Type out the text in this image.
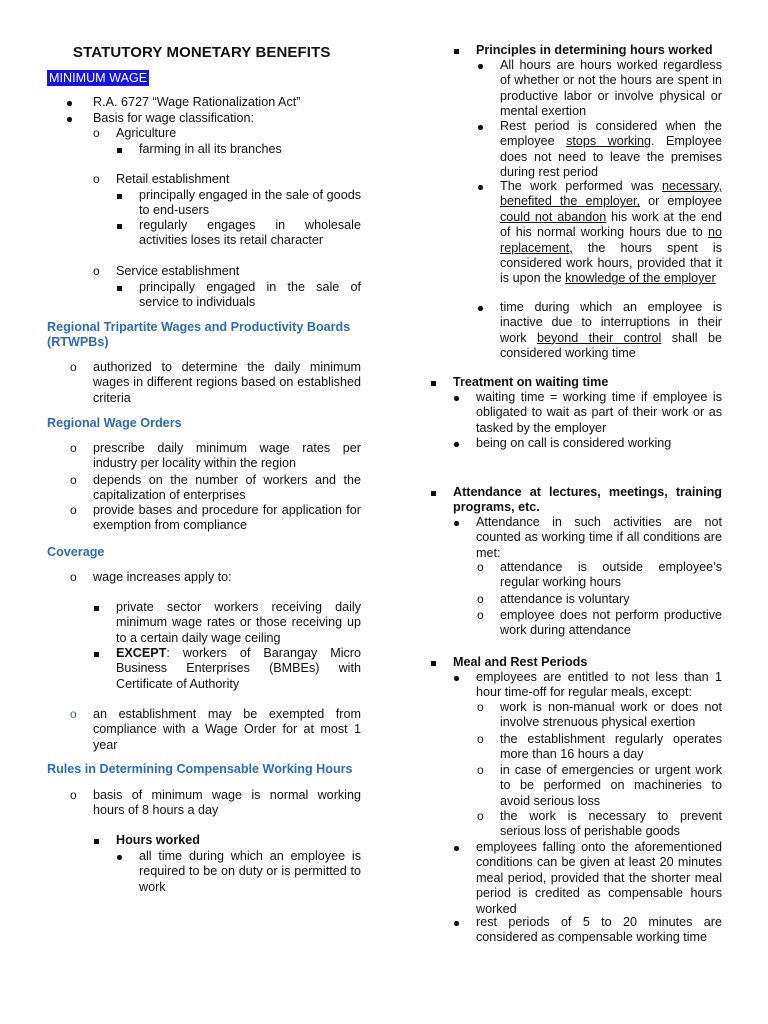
STATUTORY MONETARY BENEFITS
MINIMUM WAGE
R.A. 6727 “Wage Rationalization Act”
Basis for wage classification:
o Agriculture
farming in all its branches
o Retail establishment
principally engaged in the sale of goods to end-users
regularly engages in wholesale activities loses its retail character
o Service establishment
principally engaged in the sale of service to individuals
Regional Tripartite Wages and Productivity Boards (RTWPBs)
o authorized to determine the daily minimum wages in different regions based on established criteria
Regional Wage Orders
o prescribe daily minimum wage rates per industry per locality within the region
o depends on the number of workers and the capitalization of enterprises
o provide bases and procedure for application for exemption from compliance
Coverage
o wage increases apply to:
private sector workers receiving daily minimum wage rates or those receiving up to a certain daily wage ceiling
EXCEPT: workers of Barangay Micro Business Enterprises (BMBEs) with Certificate of Authority
o an establishment may be exempted from compliance with a Wage Order for at most 1 year
Rules in Determining Compensable Working Hours
o basis of minimum wage is normal working hours of 8 hours a day
Hours worked
all time during which an employee is required to be on duty or is permitted to work
Principles in determining hours worked
All hours are hours worked regardless of whether or not the hours are spent in productive labor or involve physical or mental exertion
Rest period is considered when the employee stops working. Employee does not need to leave the premises during rest period
The work performed was necessary, benefited the employer, or employee could not abandon his work at the end of his normal working hours due to no replacement, the hours spent is considered work hours, provided that it is upon the knowledge of the employer
time during which an employee is inactive due to interruptions in their work beyond their control shall be considered working time
Treatment on waiting time
waiting time = working time if employee is obligated to wait as part of their work or as tasked by the employer
being on call is considered working
Attendance at lectures, meetings, training programs, etc.
Attendance in such activities are not counted as working time if all conditions are met:
o attendance is outside employee’s regular working hours
o attendance is voluntary
o employee does not perform productive work during attendance
Meal and Rest Periods
employees are entitled to not less than 1 hour time-off for regular meals, except:
o work is non-manual work or does not involve strenuous physical exertion
o the establishment regularly operates more than 16 hours a day
o in case of emergencies or urgent work to be performed on machineries to avoid serious loss
o the work is necessary to prevent serious loss of perishable goods
employees falling onto the aforementioned conditions can be given at least 20 minutes meal period, provided that the shorter meal period is credited as compensable hours worked
rest periods of 5 to 20 minutes are considered as compensable working time
